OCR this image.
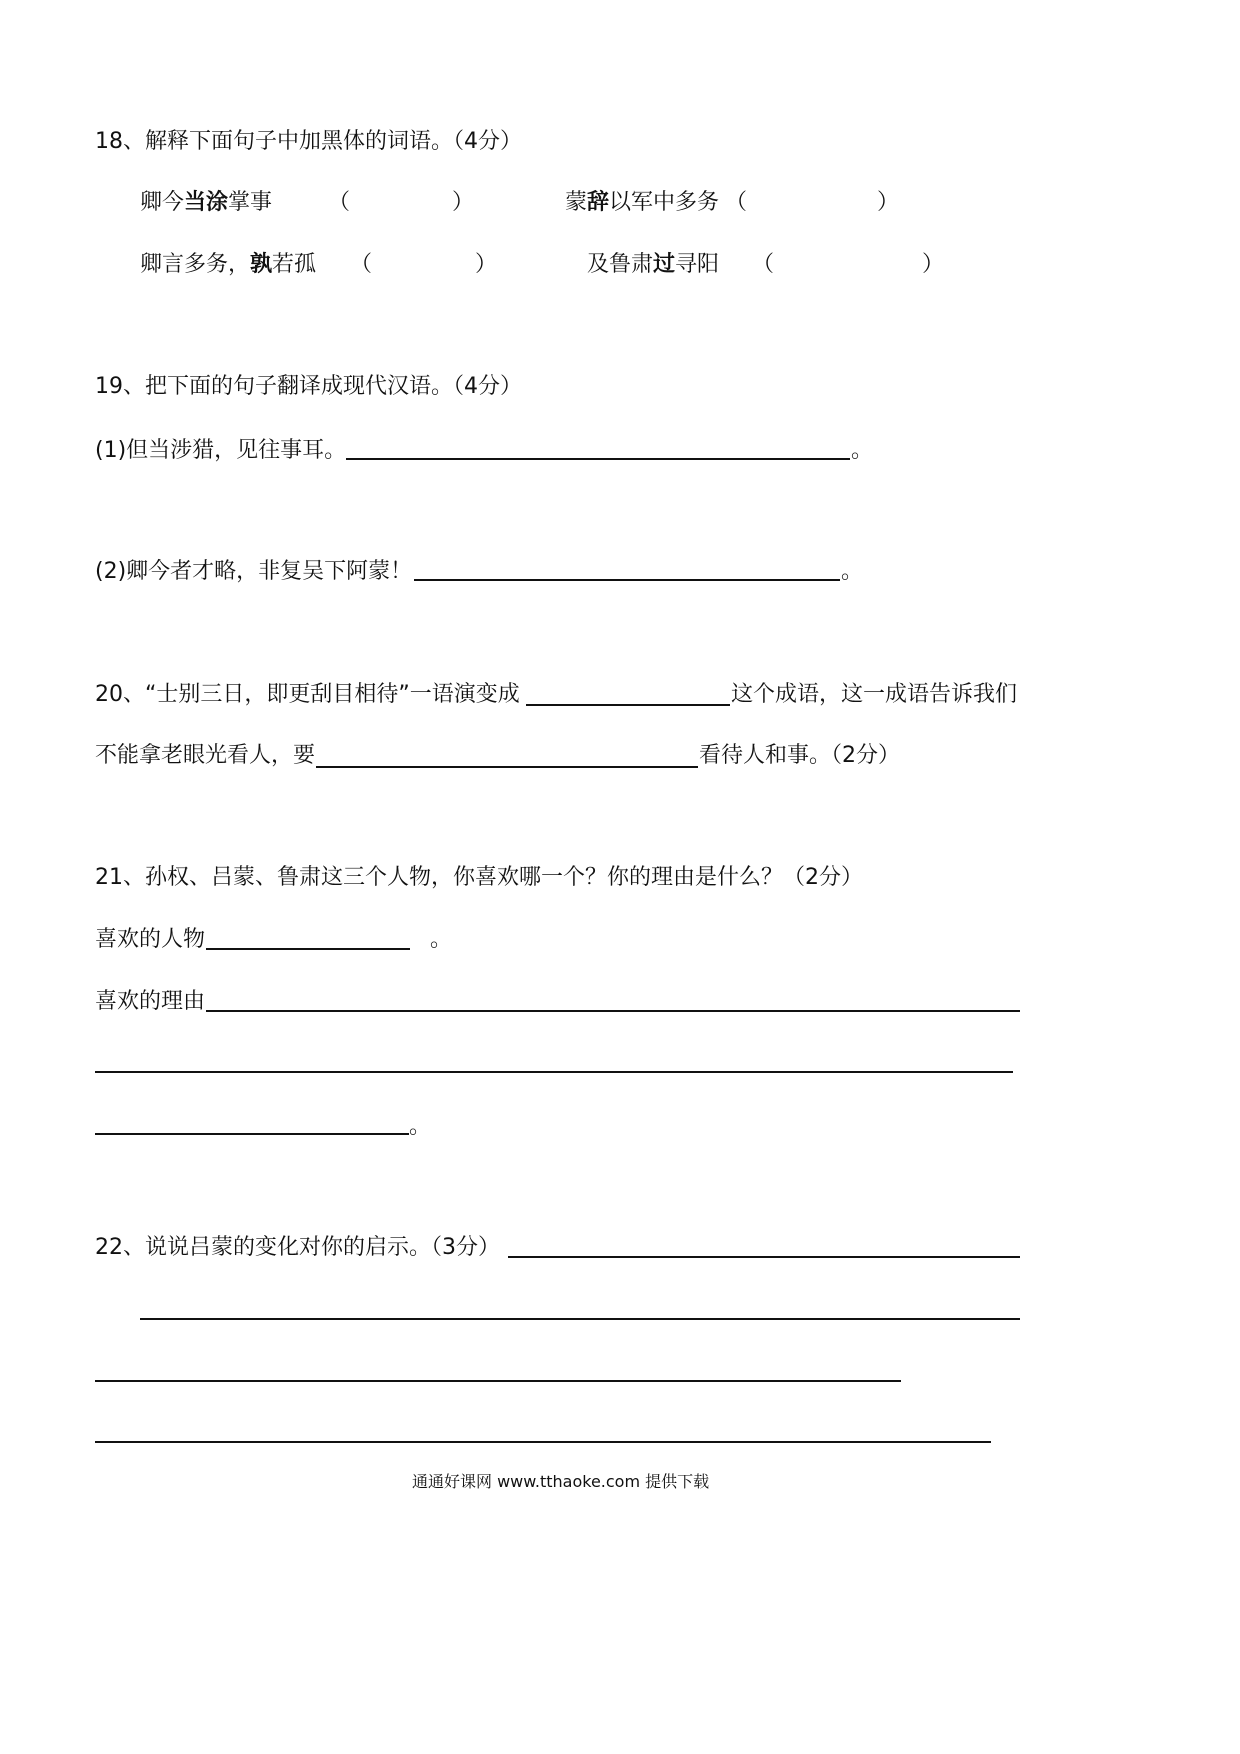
18、解释下面句子中加黑体的词语。（4分）
卿今当涂掌事	（	）	蒙辞以军中多务 （	）
卿言多务，孰若孤 （	）	及鲁肃过寻阳 （	）
19、把下面的句子翻译成现代汉语。（4分）
(1)但当涉猎，见往事耳。	。
(2)卿今者才略，非复吴下阿蒙！	。
20、“士别三日，即更刮目相待”一语演变成	这个成语，这一成语告诉我们
不能拿老眼光看人，要	看待人和事。（2分）
21、孙权、吕蒙、鲁肃这三个人物，你喜欢哪一个？你的理由是什么？（2分）
喜欢的人物	。
喜欢的理由
。
22、说说吕蒙的变化对你的启示。（3分）
通通好课网 www.tthaoke.com 提供下载
